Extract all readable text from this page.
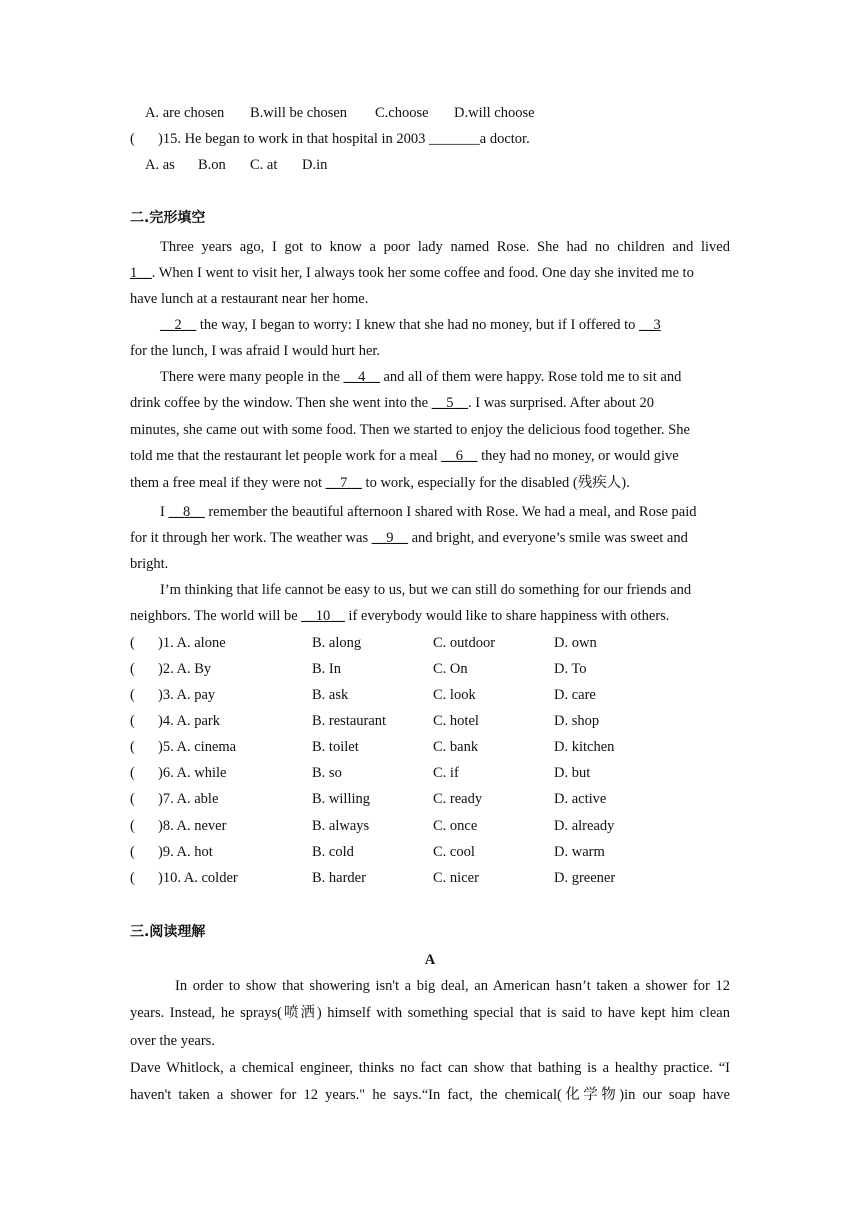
A. are chosen B.will be chosen C.choose D.will choose
( )15. He began to work in that hospital in 2003 _______a doctor.
A. as B.on C. at D.in
二.完形填空
Three years ago, I got to know a poor lady named Rose. She had no children and lived
1__. When I went to visit her, I always took her some coffee and food. One day she invited me to
have lunch at a restaurant near her home.
__2__ the way, I began to worry: I knew that she had no money, but if I offered to __3
for the lunch, I was afraid I would hurt her.
There were many people in the __4__ and all of them were happy. Rose told me to sit and
drink coffee by the window. Then she went into the __5__. I was surprised. After about 20
minutes, she came out with some food. Then we started to enjoy the delicious food together. She
told me that the restaurant let people work for a meal __6__ they had no money, or would give
them a free meal if they were not __7__ to work, especially for the disabled (残疾人).
I __8__ remember the beautiful afternoon I shared with Rose. We had a meal, and Rose paid
for it through her work. The weather was __9__ and bright, and everyone’s smile was sweet and
bright.
I’m thinking that life cannot be easy to us, but we can still do something for our friends and
neighbors. The world will be __10__ if everybody would like to share happiness with others.
( )1. A. alone	B. along	C. outdoor	D. own
( )2. A. By	B. In	C. On	D. To
( )3. A. pay	B. ask	C. look	D. care
( )4. A. park	B. restaurant	C. hotel	D. shop
( )5. A. cinema	B. toilet	C. bank	D. kitchen
( )6. A. while	B. so	C. if	D. but
( )7. A. able	B. willing	C. ready	D. active
( )8. A. never	B. always	C. once	D. already
( )9. A. hot	B. cold	C. cool	D. warm
( )10. A. colder	B. harder	C. nicer	D. greener
三.阅读理解
A
In order to show that showering isn't a big deal, an American hasn’t taken a shower for 12
years. Instead, he sprays(喷洒) himself with something special that is said to have kept him clean
over the years.
Dave Whitlock, a chemical engineer, thinks no fact can show that bathing is a healthy practice. “I
haven't taken a shower for 12 years." he says.“In fact, the chemical(化学物)in our soap have
